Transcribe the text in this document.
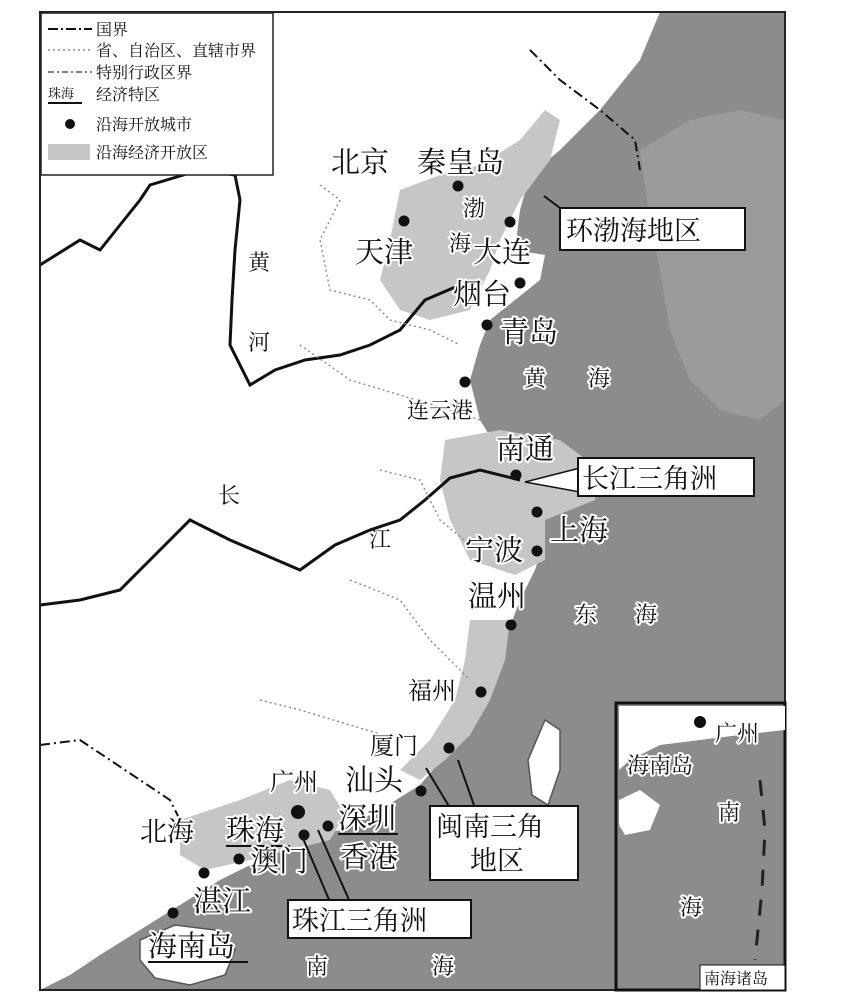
国界
省、自治区、直辖市界
特别行政区界
珠海 经济特区
沿海开放城市
沿海经济开放区
渤
海
黄 海
东 海
南	海
黄
河
长
江
北京 秦皇岛
天津 大连
烟台
青岛
连云港
南通
上海
宁波
温州
福州
厦门
汕头
广州
深圳
香港
珠海
澳门
北海
湛江
海南岛
环渤海地区
长江三角洲
闽南三角
地区
珠江三角洲
广州
海南岛
南
海
南海诸岛
